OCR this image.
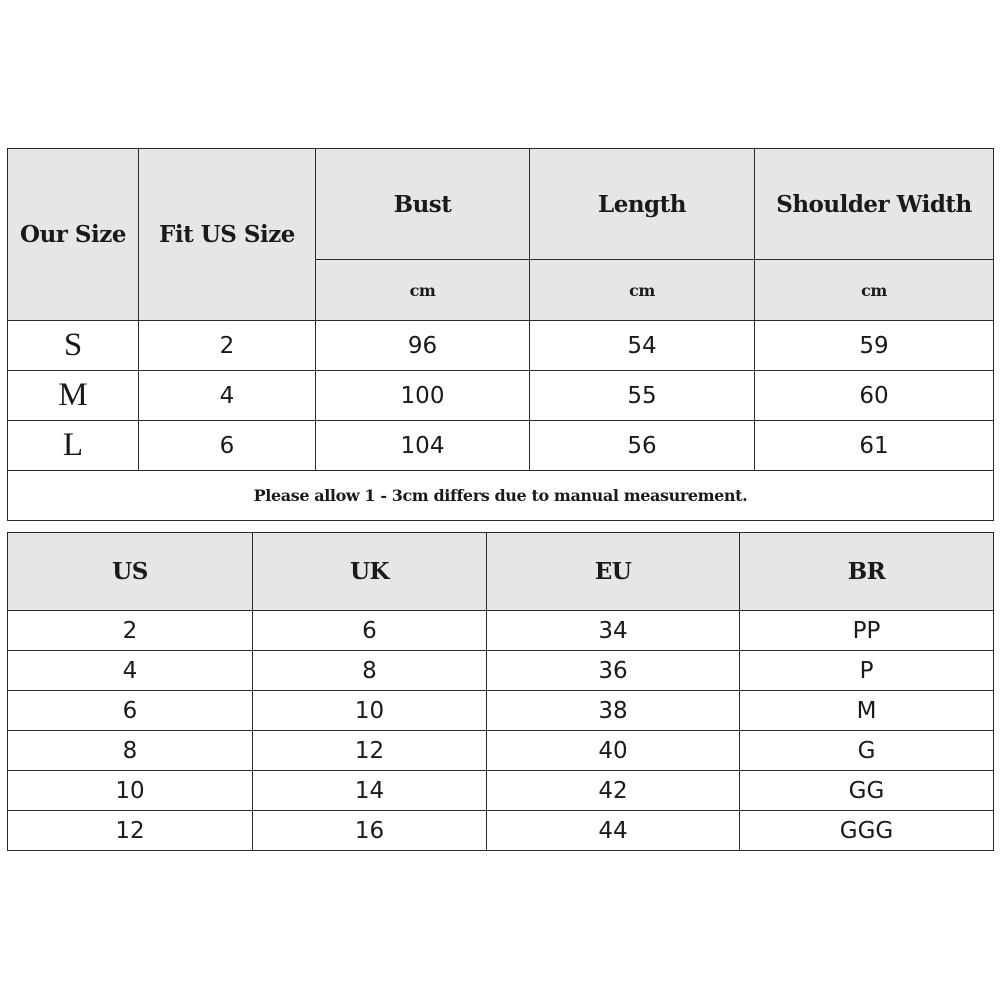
Our Size	Fit US Size	Bust	Length	Shoulder Width
		cm	cm	cm
S	2	96	54	59
M	4	100	55	60
L	6	104	56	61
Please allow 1 - 3cm differs due to manual measurement.				
US	UK	EU	BR
2	6	34	PP
4	8	36	P
6	10	38	M
8	12	40	G
10	14	42	GG
12	16	44	GGG
